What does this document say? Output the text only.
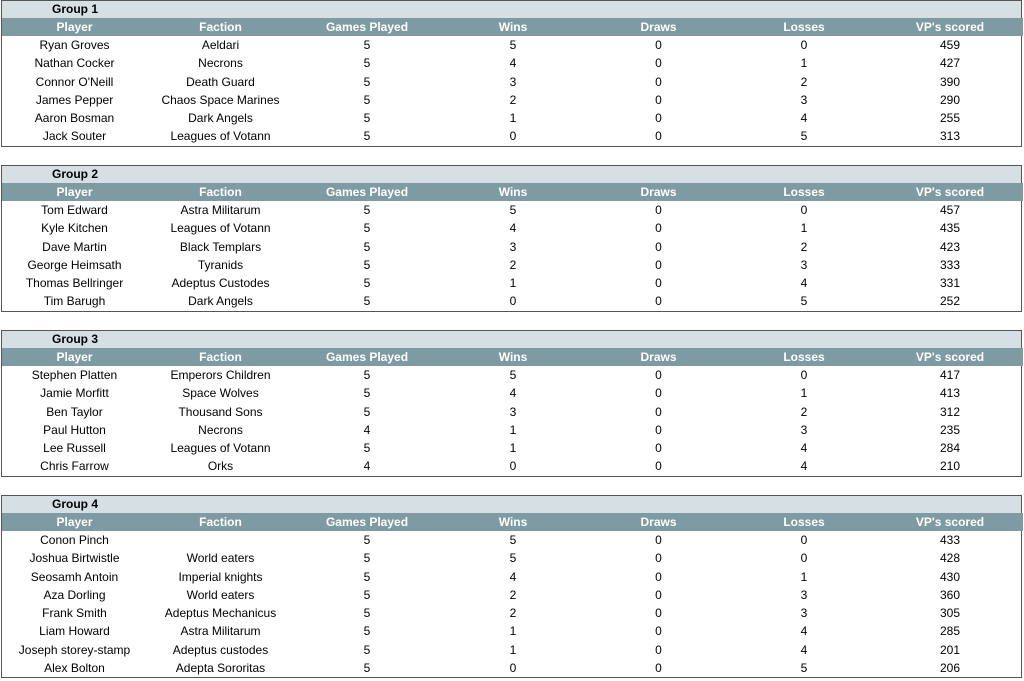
Group 1
Player	Faction	Games Played	Wins	Draws	Losses	VP's scored
Ryan Groves	Aeldari	5	5	0	0	459
Nathan Cocker	Necrons	5	4	0	1	427
Connor O'Neill	Death Guard	5	3	0	2	390
James Pepper	Chaos Space Marines	5	2	0	3	290
Aaron Bosman	Dark Angels	5	1	0	4	255
Jack Souter	Leagues of Votann	5	0	0	5	313
Group 2
Player	Faction	Games Played	Wins	Draws	Losses	VP's scored
Tom Edward	Astra Militarum	5	5	0	0	457
Kyle Kitchen	Leagues of Votann	5	4	0	1	435
Dave Martin	Black Templars	5	3	0	2	423
George Heimsath	Tyranids	5	2	0	3	333
Thomas Bellringer	Adeptus Custodes	5	1	0	4	331
Tim Barugh	Dark Angels	5	0	0	5	252
Group 3
Player	Faction	Games Played	Wins	Draws	Losses	VP's scored
Stephen Platten	Emperors Children	5	5	0	0	417
Jamie Morfitt	Space Wolves	5	4	0	1	413
Ben Taylor	Thousand Sons	5	3	0	2	312
Paul Hutton	Necrons	4	1	0	3	235
Lee Russell	Leagues of Votann	5	1	0	4	284
Chris Farrow	Orks	4	0	0	4	210
Group 4
Player	Faction	Games Played	Wins	Draws	Losses	VP's scored
Conon Pinch		5	5	0	0	433
Joshua Birtwistle	World eaters	5	5	0	0	428
Seosamh Antoin	Imperial knights	5	4	0	1	430
Aza Dorling	World eaters	5	2	0	3	360
Frank Smith	Adeptus Mechanicus	5	2	0	3	305
Liam Howard	Astra Militarum	5	1	0	4	285
Joseph storey-stamp	Adeptus custodes	5	1	0	4	201
Alex Bolton	Adepta Sororitas	5	0	0	5	206
